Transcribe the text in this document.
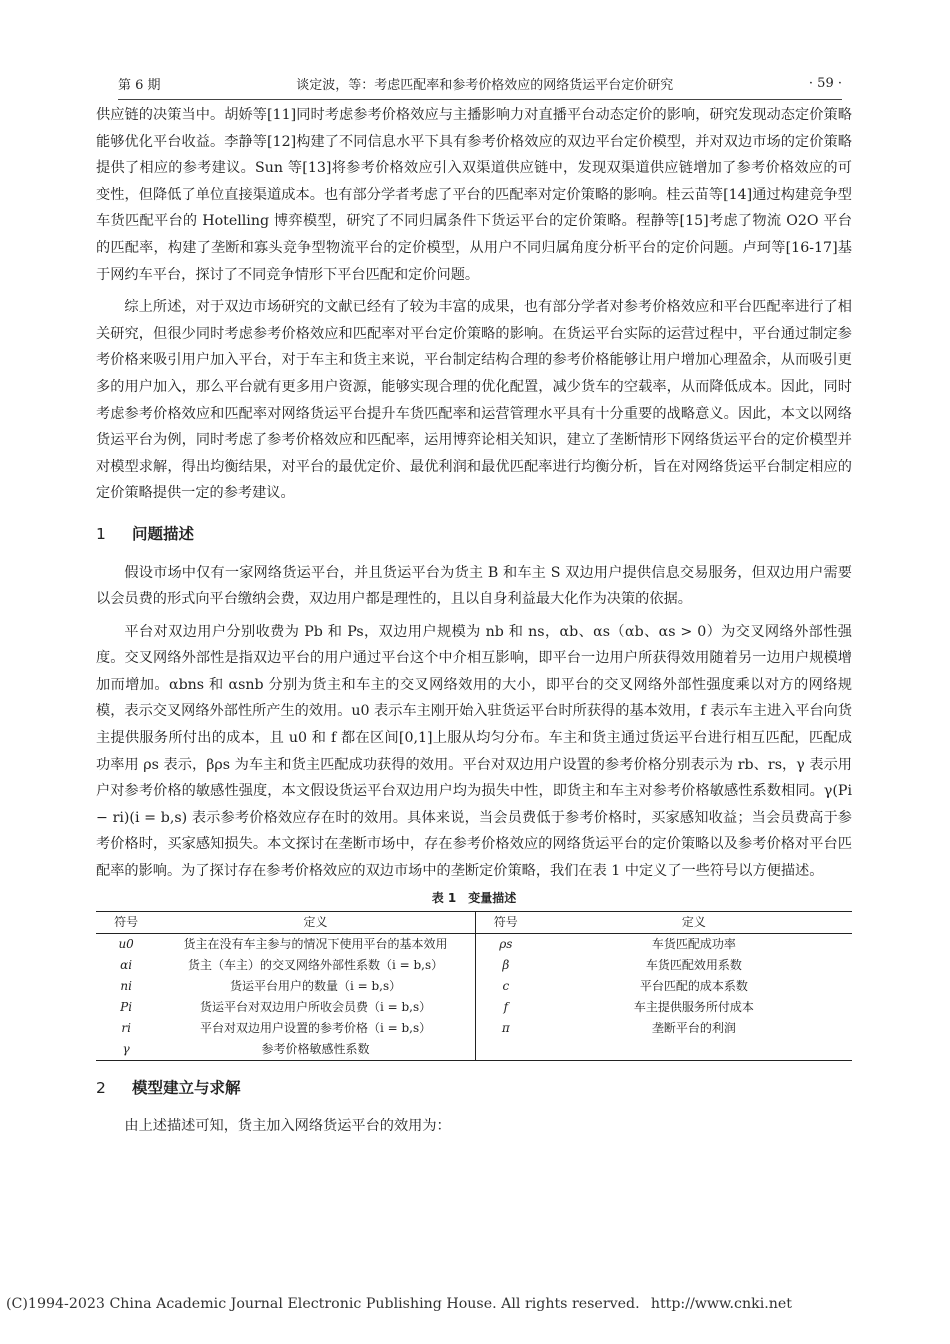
第 6 期	谈定波，等：考虑匹配率和参考价格效应的网络货运平台定价研究	· 59 ·

供应链的决策当中。胡娇等[11]同时考虑参考价格效应与主播影响力对直播平台动态定价的影响，研究发现动态定价策略能够优化平台收益。李静等[12]构建了不同信息水平下具有参考价格效应的双边平台定价模型，并对双边市场的定价策略提供了相应的参考建议。Sun 等[13]将参考价格效应引入双渠道供应链中，发现双渠道供应链增加了参考价格效应的可变性，但降低了单位直接渠道成本。也有部分学者考虑了平台的匹配率对定价策略的影响。桂云苗等[14]通过构建竞争型车货匹配平台的 Hotelling 博弈模型，研究了不同归属条件下货运平台的定价策略。程静等[15]考虑了物流 O2O 平台的匹配率，构建了垄断和寡头竞争型物流平台的定价模型，从用户不同归属角度分析平台的定价问题。卢珂等[16-17]基于网约车平台，探讨了不同竞争情形下平台匹配和定价问题。

综上所述，对于双边市场研究的文献已经有了较为丰富的成果，也有部分学者对参考价格效应和平台匹配率进行了相关研究，但很少同时考虑参考价格效应和匹配率对平台定价策略的影响。在货运平台实际的运营过程中，平台通过制定参考价格来吸引用户加入平台，对于车主和货主来说，平台制定结构合理的参考价格能够让用户增加心理盈余，从而吸引更多的用户加入，那么平台就有更多用户资源，能够实现合理的优化配置，减少货车的空载率，从而降低成本。因此，同时考虑参考价格效应和匹配率对网络货运平台提升车货匹配率和运营管理水平具有十分重要的战略意义。因此，本文以网络货运平台为例，同时考虑了参考价格效应和匹配率，运用博弈论相关知识，建立了垄断情形下网络货运平台的定价模型并对模型求解，得出均衡结果，对平台的最优定价、最优利润和最优匹配率进行均衡分析，旨在对网络货运平台制定相应的定价策略提供一定的参考建议。

1	问题描述

假设市场中仅有一家网络货运平台，并且货运平台为货主 B 和车主 S 双边用户提供信息交易服务，但双边用户需要以会员费的形式向平台缴纳会费，双边用户都是理性的，且以自身利益最大化作为决策的依据。

平台对双边用户分别收费为 Pb 和 Ps，双边用户规模为 nb 和 ns，αb、αs（αb、αs > 0）为交叉网络外部性强度。交叉网络外部性是指双边平台的用户通过平台这个中介相互影响，即平台一边用户所获得效用随着另一边用户规模增加而增加。αbns 和 αsnb 分别为货主和车主的交叉网络效用的大小，即平台的交叉网络外部性强度乘以对方的网络规模，表示交叉网络外部性所产生的效用。u0 表示车主刚开始入驻货运平台时所获得的基本效用，f 表示车主进入平台向货主提供服务所付出的成本，且 u0 和 f 都在区间[0,1]上服从均匀分布。车主和货主通过货运平台进行相互匹配，匹配成功率用 ρs 表示，βρs 为车主和货主匹配成功获得的效用。平台对双边用户设置的参考价格分别表示为 rb、rs，γ 表示用户对参考价格的敏感性强度，本文假设货运平台双边用户均为损失中性，即货主和车主对参考价格敏感性系数相同。γ(Pi − ri)(i = b,s) 表示参考价格效应存在时的效用。具体来说，当会员费低于参考价格时，买家感知收益；当会员费高于参考价格时，买家感知损失。本文探讨在垄断市场中，存在参考价格效应的网络货运平台的定价策略以及参考价格对平台匹配率的影响。为了探讨存在参考价格效应的双边市场中的垄断定价策略，我们在表 1 中定义了一些符号以方便描述。

表 1　变量描述
符号	定义	符号	定义
u0	货主在没有车主参与的情况下使用平台的基本效用	ρs	车货匹配成功率
αi	货主（车主）的交叉网络外部性系数（i = b,s）	β	车货匹配效用系数
ni	货运平台用户的数量（i = b,s）	c	平台匹配的成本系数
Pi	货运平台对双边用户所收会员费（i = b,s）	f	车主提供服务所付成本
ri	平台对双边用户设置的参考价格（i = b,s）	π	垄断平台的利润
γ	参考价格敏感性系数		
2	模型建立与求解

由上述描述可知，货主加入网络货运平台的效用为：

(C)1994-2023 China Academic Journal Electronic Publishing House. All rights reserved. http://www.cnki.net
